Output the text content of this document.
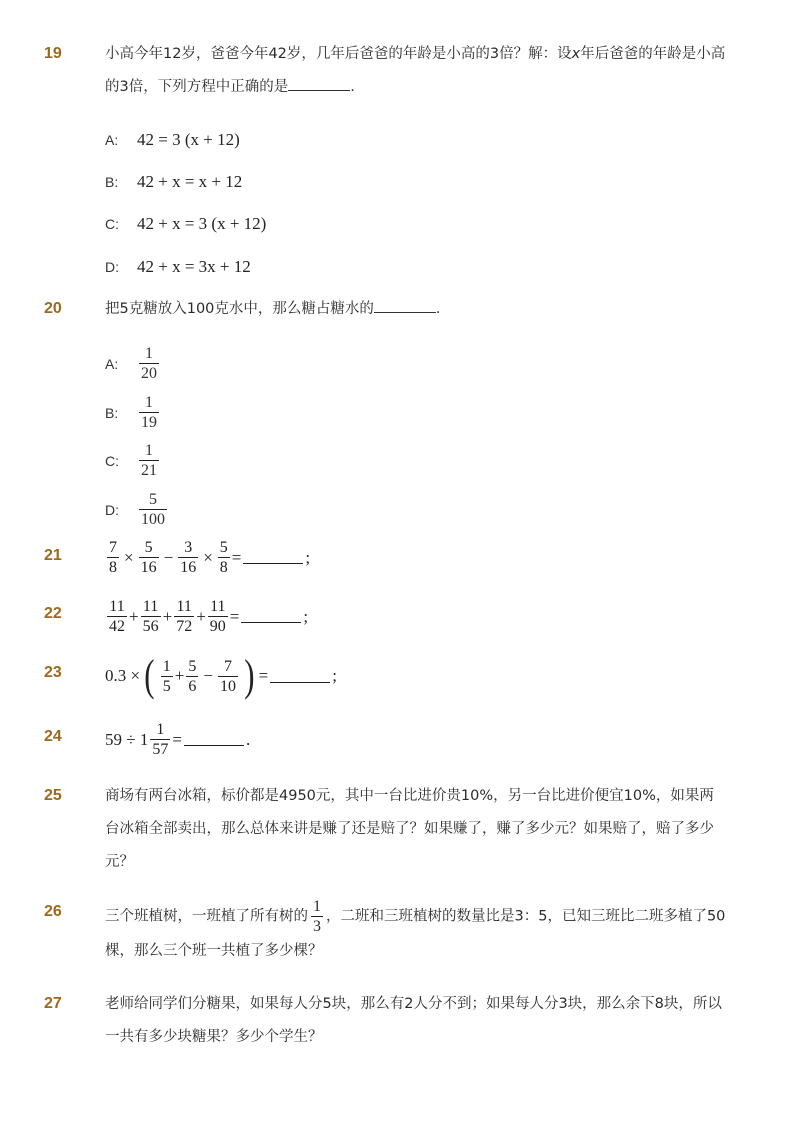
19	小高今年12岁，爸爸今年42岁，几年后爸爸的年龄是小高的3倍？解：设x年后爸爸的年龄是小高的3倍，下列方程中正确的是	.
A:	42 = 3 (x + 12)
B:	42 + x = x + 12
C:	42 + x = 3 (x + 12)
D:	42 + x = 3x + 12
20	把5克糖放入100克水中，那么糖占糖水的	.
A:	$\frac{1}{20}$
B:	$\frac{1}{19}$
C:	$\frac{1}{21}$
D:	$\frac{5}{100}$
21	$\frac{7}{8} \times \frac{5}{16} - \frac{3}{16} \times \frac{5}{8}$ =	;
22	$\frac{11}{42} + \frac{11}{56} + \frac{11}{72} + \frac{11}{90}$ =	;
23	0.3 × ( $\frac{1}{5} + \frac{5}{6} - \frac{7}{10}$ ) =	;
24	$59 \div 1 \frac{1}{57}$ =	.
25	商场有两台冰箱，标价都是4950元，其中一台比进价贵10%，另一台比进价便宜10%，如果两台冰箱全部卖出，那么总体来讲是赚了还是赔了？如果赚了，赚了多少元？如果赔了，赔了多少元？
26	三个班植树，一班植了所有树的 $\frac{1}{3}$ ，二班和三班植树的数量比是3：5，已知三班比二班多植了50
棵，那么三个班一共植了多少棵？
27	老师给同学们分糖果，如果每人分5块，那么有2人分不到；如果每人分3块，那么余下8块，所以一共有多少块糖果？多少个学生？
